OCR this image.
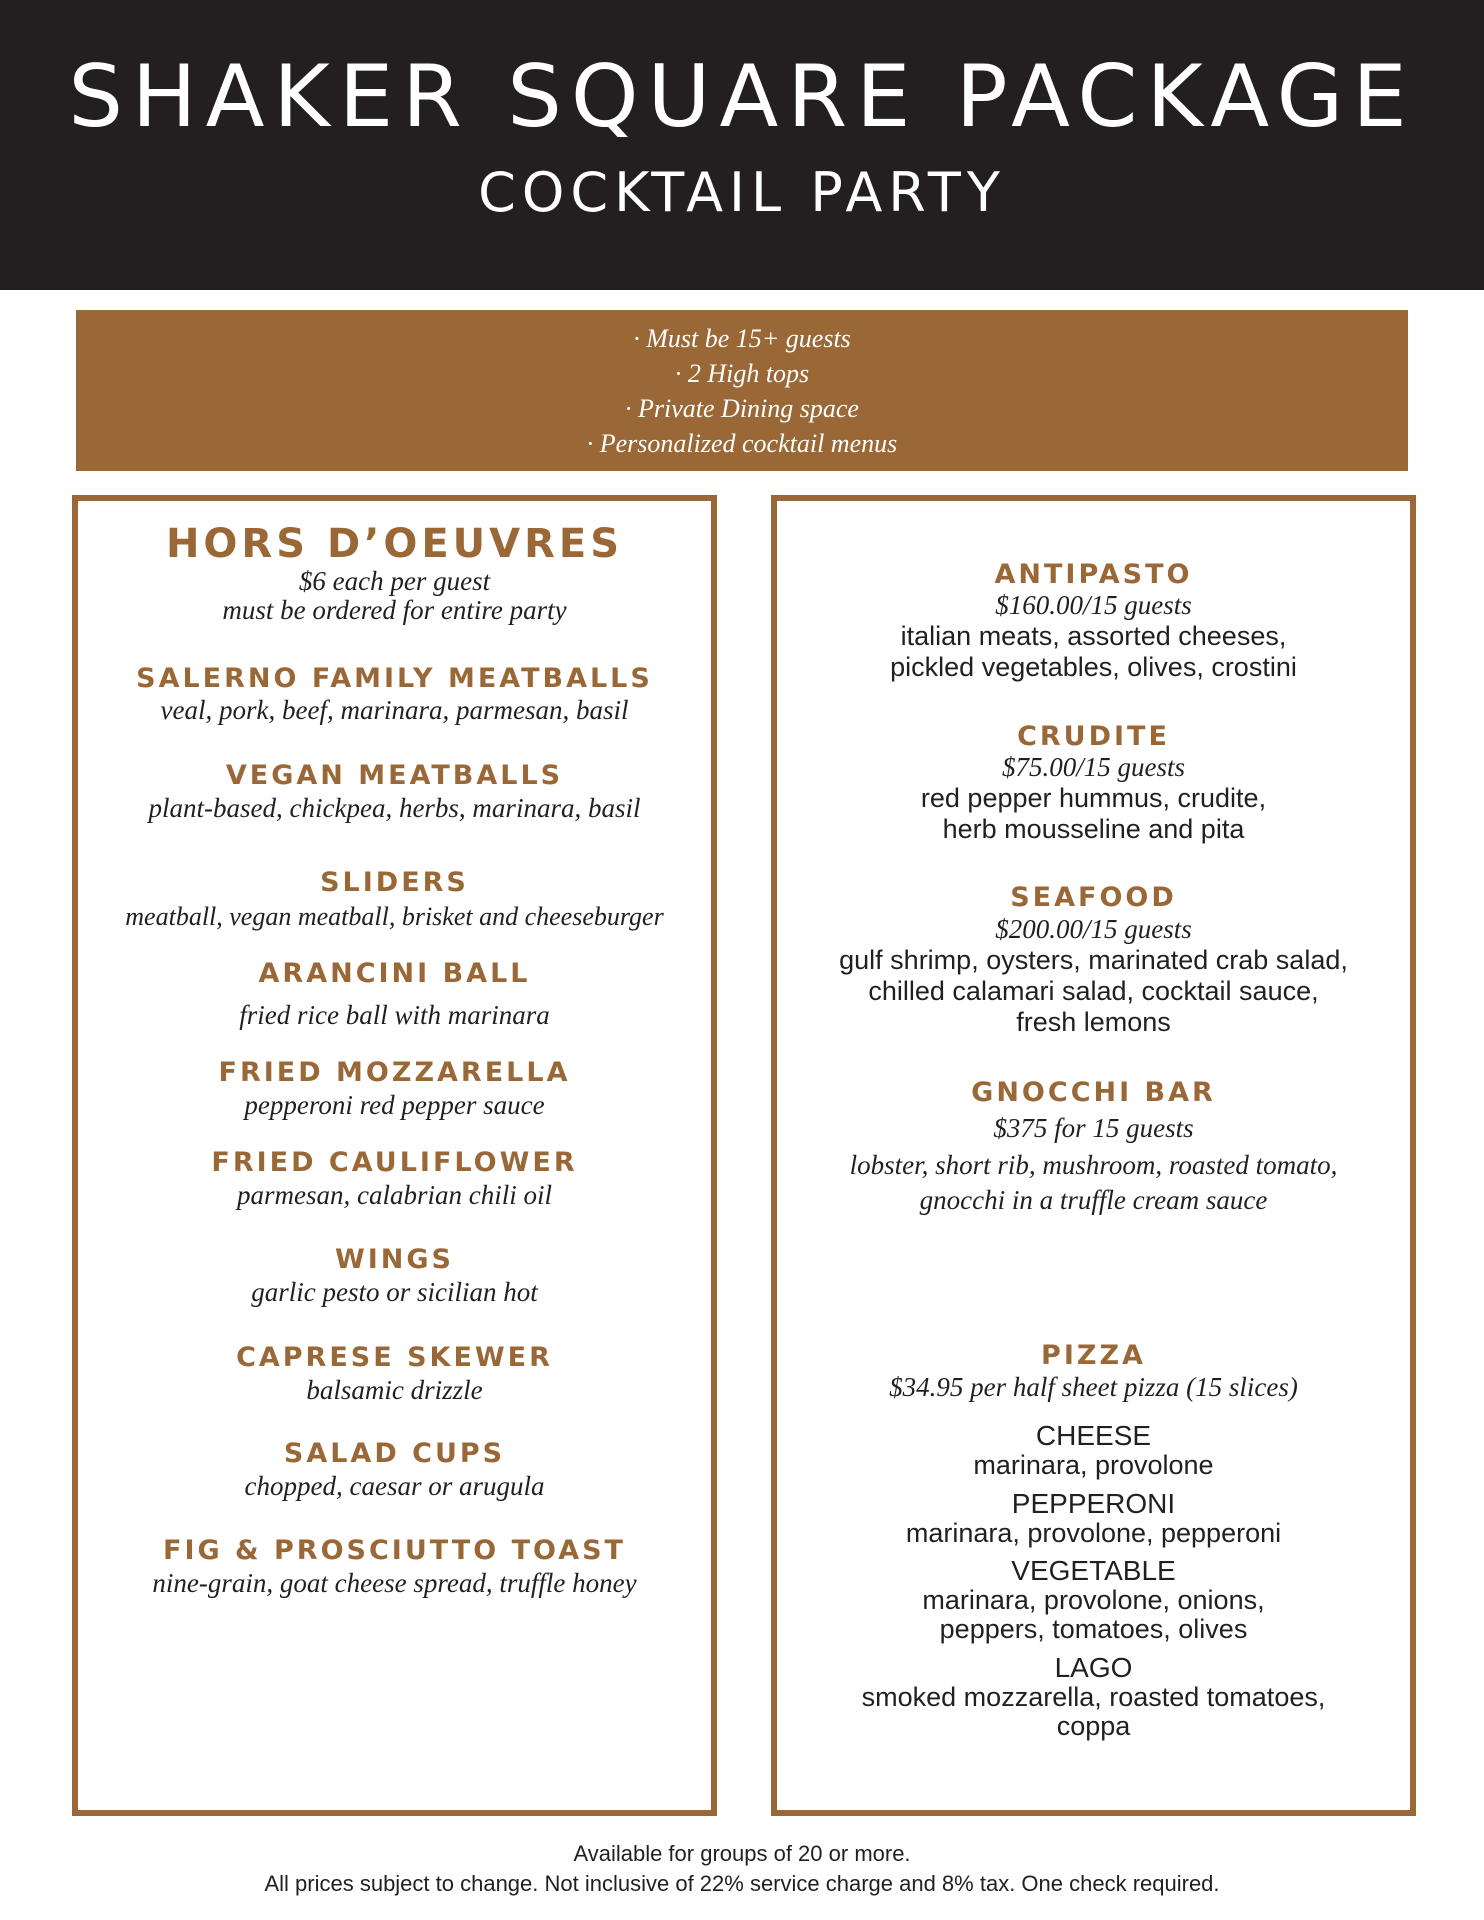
SHAKER SQUARE PACKAGE
COCKTAIL PARTY
· Must be 15+ guests
· 2 High tops
· Private Dining space
· Personalized cocktail menus
HORS D’OEUVRES
$6 each per guest
must be ordered for entire party
SALERNO FAMILY MEATBALLS
veal, pork, beef, marinara, parmesan, basil
VEGAN MEATBALLS
plant-based, chickpea, herbs, marinara, basil
SLIDERS
meatball, vegan meatball, brisket and cheeseburger
ARANCINI BALL
fried rice ball with marinara
FRIED MOZZARELLA
pepperoni red pepper sauce
FRIED CAULIFLOWER
parmesan, calabrian chili oil
WINGS
garlic pesto or sicilian hot
CAPRESE SKEWER
balsamic drizzle
SALAD CUPS
chopped, caesar or arugula
FIG & PROSCIUTTO TOAST
nine-grain, goat cheese spread, truffle honey
ANTIPASTO
$160.00/15 guests
italian meats, assorted cheeses,
pickled vegetables, olives, crostini
CRUDITE
$75.00/15 guests
red pepper hummus, crudite,
herb mousseline and pita
SEAFOOD
$200.00/15 guests
gulf shrimp, oysters, marinated crab salad,
chilled calamari salad, cocktail sauce,
fresh lemons
GNOCCHI BAR
$375 for 15 guests
lobster, short rib, mushroom, roasted tomato,
gnocchi in a truffle cream sauce
PIZZA
$34.95 per half sheet pizza (15 slices)
CHEESE
marinara, provolone
PEPPERONI
marinara, provolone, pepperoni
VEGETABLE
marinara, provolone, onions,
peppers, tomatoes, olives
LAGO
smoked mozzarella, roasted tomatoes,
coppa
Available for groups of 20 or more.
All prices subject to change. Not inclusive of 22% service charge and 8% tax. One check required.
